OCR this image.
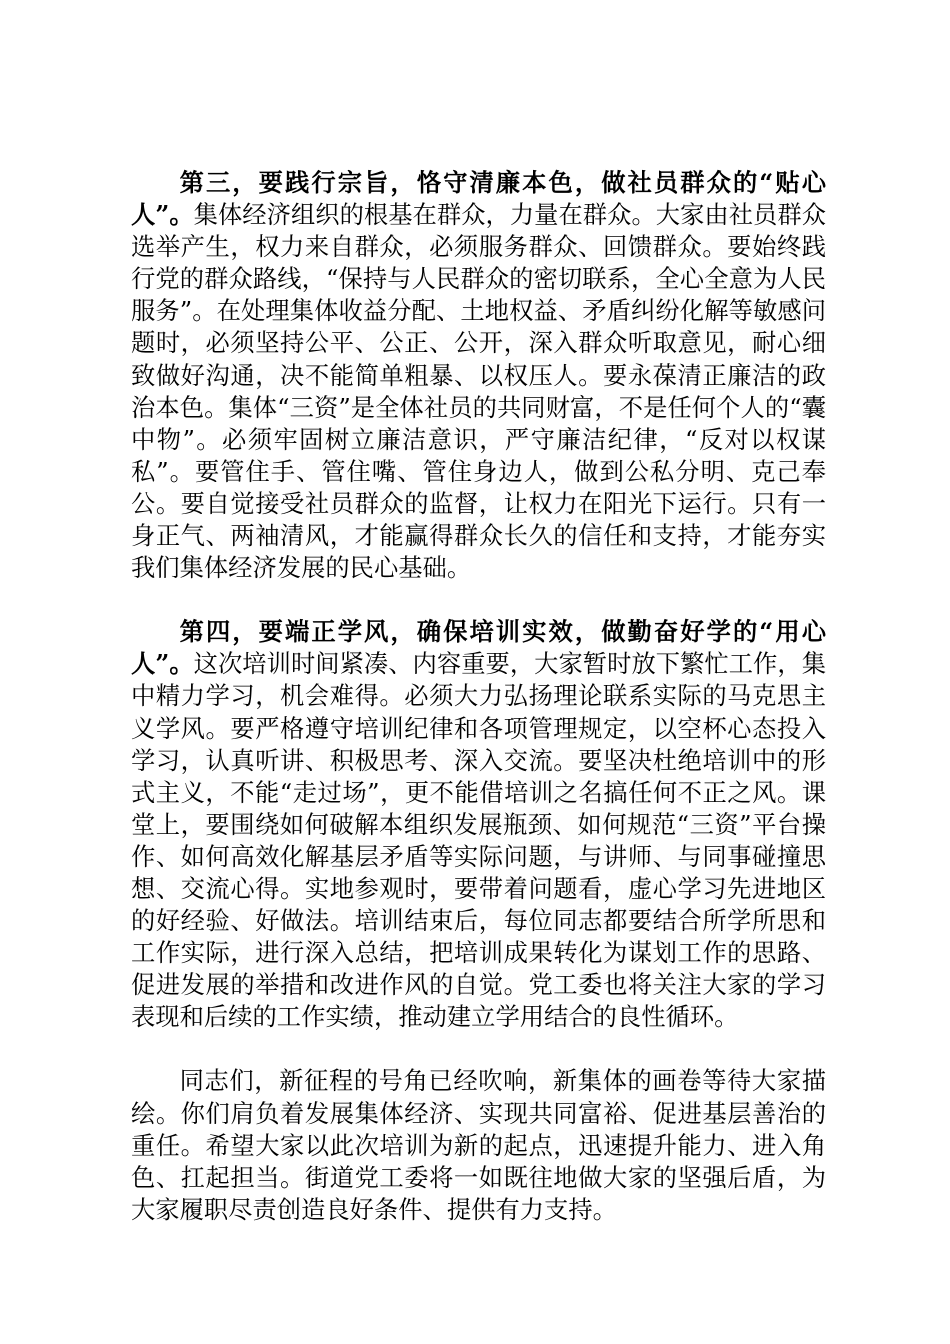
第三，要践行宗旨，恪守清廉本色，做社员群众的“贴心人”。集体经济组织的根基在群众，力量在群众。大家由社员群众选举产生，权力来自群众，必须服务群众、回馈群众。要始终践行党的群众路线，“保持与人民群众的密切联系，全心全意为人民服务”。在处理集体收益分配、土地权益、矛盾纠纷化解等敏感问题时，必须坚持公平、公正、公开，深入群众听取意见，耐心细致做好沟通，决不能简单粗暴、以权压人。要永葆清正廉洁的政治本色。集体“三资”是全体社员的共同财富，不是任何个人的“囊中物”。必须牢固树立廉洁意识，严守廉洁纪律，“反对以权谋私”。要管住手、管住嘴、管住身边人，做到公私分明、克己奉公。要自觉接受社员群众的监督，让权力在阳光下运行。只有一身正气、两袖清风，才能赢得群众长久的信任和支持，才能夯实我们集体经济发展的民心基础。

第四，要端正学风，确保培训实效，做勤奋好学的“用心人”。这次培训时间紧凑、内容重要，大家暂时放下繁忙工作，集中精力学习，机会难得。必须大力弘扬理论联系实际的马克思主义学风。要严格遵守培训纪律和各项管理规定，以空杯心态投入学习，认真听讲、积极思考、深入交流。要坚决杜绝培训中的形式主义，不能“走过场”，更不能借培训之名搞任何不正之风。课堂上，要围绕如何破解本组织发展瓶颈、如何规范“三资”平台操作、如何高效化解基层矛盾等实际问题，与讲师、与同事碰撞思想、交流心得。实地参观时，要带着问题看，虚心学习先进地区的好经验、好做法。培训结束后，每位同志都要结合所学所思和工作实际，进行深入总结，把培训成果转化为谋划工作的思路、促进发展的举措和改进作风的自觉。党工委也将关注大家的学习表现和后续的工作实绩，推动建立学用结合的良性循环。

同志们，新征程的号角已经吹响，新集体的画卷等待大家描绘。你们肩负着发展集体经济、实现共同富裕、促进基层善治的重任。希望大家以此次培训为新的起点，迅速提升能力、进入角色、扛起担当。街道党工委将一如既往地做大家的坚强后盾，为大家履职尽责创造良好条件、提供有力支持。
